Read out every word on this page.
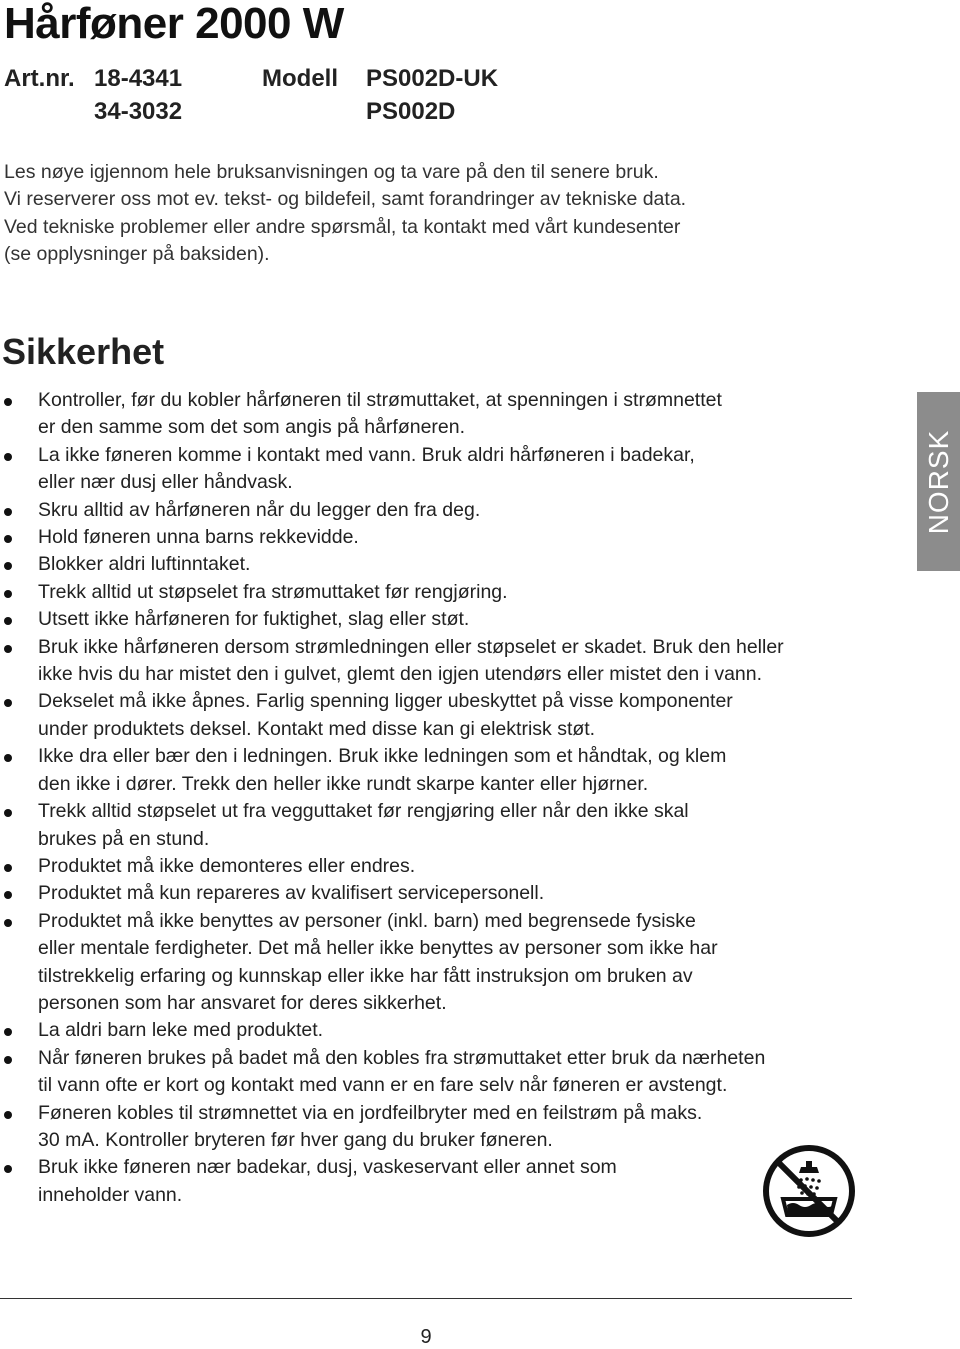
Hårføner 2000 W
Art.nr. 18-4341	Modell	PS002D-UK
34-3032	PS002D

Les nøye igjennom hele bruksanvisningen og ta vare på den til senere bruk.

Vi reserverer oss mot ev. tekst- og bildefeil, samt forandringer av tekniske data.

Ved tekniske problemer eller andre spørsmål, ta kontakt med vårt kundesenter

(se opplysninger på baksiden).

Sikkerhet
Kontroller, før du kobler hårføneren til strømuttaket, at spenningen i strømnettet
er den samme som det som angis på hårføneren.
La ikke føneren komme i kontakt med vann. Bruk aldri hårføneren i badekar,
eller nær dusj eller håndvask.
Skru alltid av hårføneren når du legger den fra deg.
Hold føneren unna barns rekkevidde.
Blokker aldri luftinntaket.
Trekk alltid ut støpselet fra strømuttaket før rengjøring.
Utsett ikke hårføneren for fuktighet, slag eller støt.
Bruk ikke hårføneren dersom strømledningen eller støpselet er skadet. Bruk den heller
ikke hvis du har mistet den i gulvet, glemt den igjen utendørs eller mistet den i vann.
Dekselet må ikke åpnes. Farlig spenning ligger ubeskyttet på visse komponenter
under produktets deksel. Kontakt med disse kan gi elektrisk støt.
Ikke dra eller bær den i ledningen. Bruk ikke ledningen som et håndtak, og klem
den ikke i dører. Trekk den heller ikke rundt skarpe kanter eller hjørner.
Trekk alltid støpselet ut fra vegguttaket før rengjøring eller når den ikke skal
brukes på en stund.
Produktet må ikke demonteres eller endres.
Produktet må kun repareres av kvalifisert servicepersonell.
Produktet må ikke benyttes av personer (inkl. barn) med begrensede fysiske
eller mentale ferdigheter. Det må heller ikke benyttes av personer som ikke har
tilstrekkelig erfaring og kunnskap eller ikke har fått instruksjon om bruken av
personen som har ansvaret for deres sikkerhet.
La aldri barn leke med produktet.
Når føneren brukes på badet må den kobles fra strømuttaket etter bruk da nærheten
til vann ofte er kort og kontakt med vann er en fare selv når føneren er avstengt.
Føneren kobles til strømnettet via en jordfeilbryter med en feilstrøm på maks.
30 mA. Kontroller bryteren før hver gang du bruker føneren.
Bruk ikke føneren nær badekar, dusj, vaskeservant eller annet som
inneholder vann.
NORSK
9
